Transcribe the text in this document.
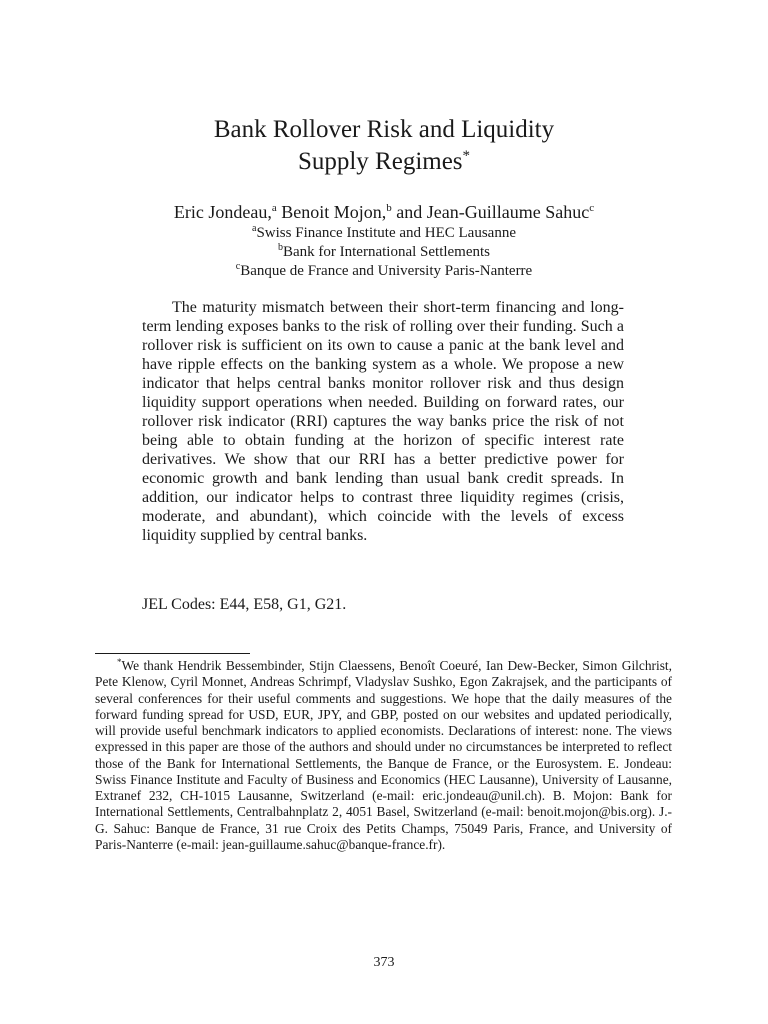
Bank Rollover Risk and Liquidity
Supply Regimes*
Eric Jondeau,$^a$ Benoit Mojon,$^b$ and Jean-Guillaume Sahuc$^c$
$^a$Swiss Finance Institute and HEC Lausanne
$^b$Bank for International Settlements
$^c$Banque de France and University Paris-Nanterre

The maturity mismatch between their short-term financing and long-term lending exposes banks to the risk of rolling over their funding. Such a rollover risk is sufficient on its own to cause a panic at the bank level and have ripple effects on the banking system as a whole. We propose a new indicator that helps central banks monitor rollover risk and thus design liquidity support operations when needed. Building on forward rates, our rollover risk indicator (RRI) captures the way banks price the risk of not being able to obtain funding at the horizon of specific interest rate derivatives. We show that our RRI has a better predictive power for economic growth and bank lending than usual bank credit spreads. In addition, our indicator helps to contrast three liquidity regimes (crisis, moderate, and abundant), which coincide with the levels of excess liquidity supplied by central banks.

JEL Codes: E44, E58, G1, G21.

*We thank Hendrik Bessembinder, Stijn Claessens, Benoît Coeuré, Ian Dew-Becker, Simon Gilchrist, Pete Klenow, Cyril Monnet, Andreas Schrimpf, Vladyslav Sushko, Egon Zakrajsek, and the participants of several conferences for their useful comments and suggestions. We hope that the daily measures of the forward funding spread for USD, EUR, JPY, and GBP, posted on our websites and updated periodically, will provide useful benchmark indicators to applied economists. Declarations of interest: none. The views expressed in this paper are those of the authors and should under no circumstances be interpreted to reflect those of the Bank for International Settlements, the Banque de France, or the Eurosystem. E. Jondeau: Swiss Finance Institute and Faculty of Business and Economics (HEC Lausanne), University of Lausanne, Extranef 232, CH-1015 Lausanne, Switzerland (e-mail: eric.jondeau@unil.ch). B. Mojon: Bank for International Settlements, Centralbahnplatz 2, 4051 Basel, Switzerland (e-mail: benoit.mojon@bis.org). J.-G. Sahuc: Banque de France, 31 rue Croix des Petits Champs, 75049 Paris, France, and University of Paris-Nanterre (e-mail: jean-guillaume.sahuc@banque-france.fr).

373
